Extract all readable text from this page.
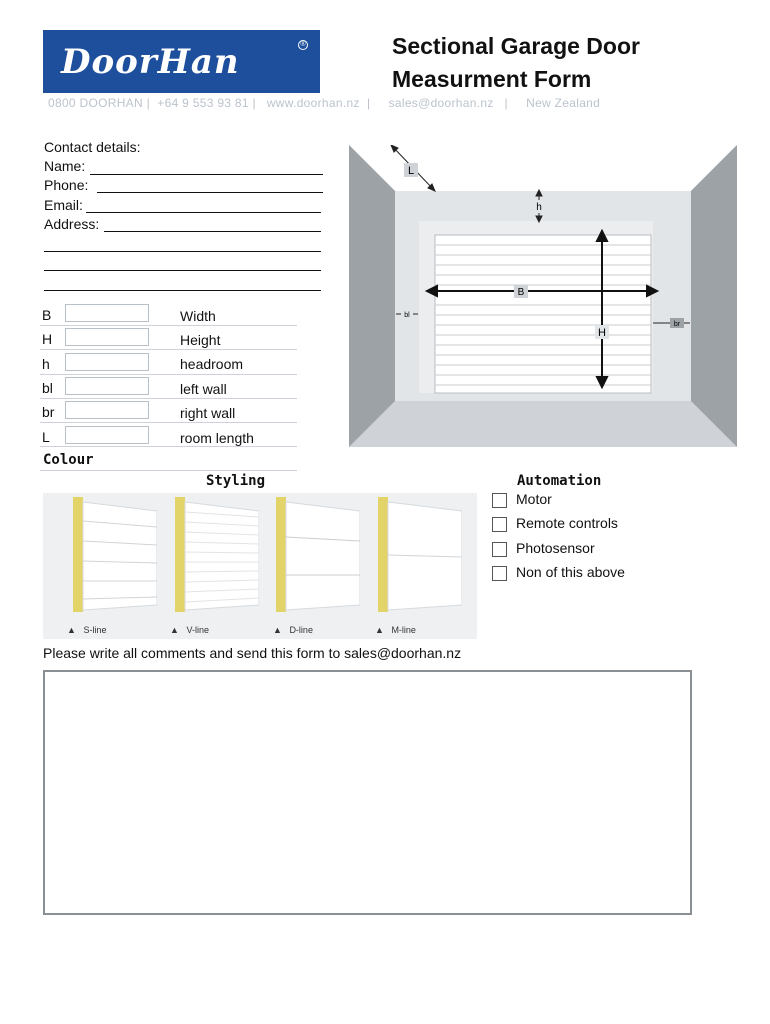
DoorHan	®	Sectional Garage Door
Measurment Form
0800 DOORHAN |  +64 9 553 93 81 |   www.doorhan.nz  |     sales@doorhan.nz   |     New Zealand
Contact details:
Name:
Phone:
Email:
Address:
B	Width
H	Height
h	headroom
bl	left wall
br	right wall
L	room length
Colour
L
h
B
H
bl
br
Styling
▲ S-line	▲ V-line	▲ D-line	▲ M-line
Automation
Motor
Remote controls
Photosensor
Non of this above
Please write all comments and send this form to sales@doorhan.nz
